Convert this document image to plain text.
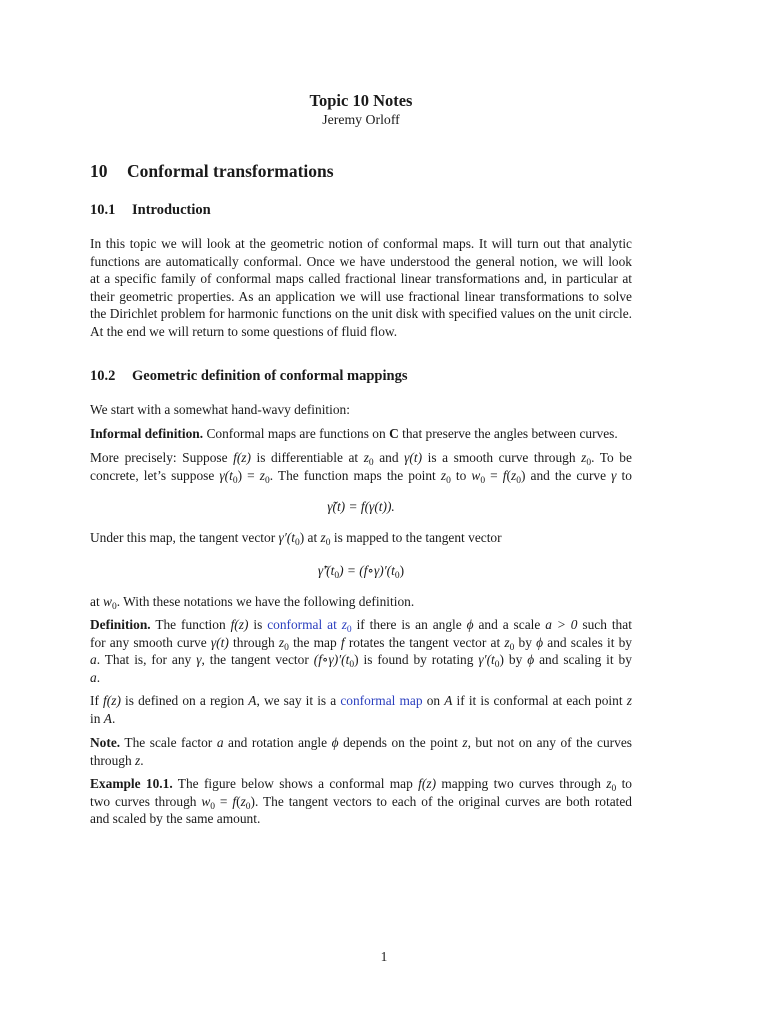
Topic 10 Notes
Jeremy Orloff
10 Conformal transformations
10.1 Introduction
In this topic we will look at the geometric notion of conformal maps. It will turn out that analytic
functions are automatically conformal. Once we have understood the general notion, we will look
at a specific family of conformal maps called fractional linear transformations and, in particular at
their geometric properties. As an application we will use fractional linear transformations to solve
the Dirichlet problem for harmonic functions on the unit disk with specified values on the unit circle.
At the end we will return to some questions of fluid flow.
10.2 Geometric definition of conformal mappings
We start with a somewhat hand-wavy definition:
Informal definition. Conformal maps are functions on C that preserve the angles between curves.
More precisely: Suppose f(z) is differentiable at $z_0$ and γ(t) is a smooth curve through $z_0$. To be
concrete, let’s suppose $\gamma(t_0) = z_0$. The function maps the point $z_0$ to $w_0 = f(z_0)$ and the curve γ to
γ̃(t) = f(γ(t)).
Under this map, the tangent vector $\gamma'(t_0)$ at $z_0$ is mapped to the tangent vector
$\gammã'(t_0)$ = $(f\circ\gamma)'(t_0)$
at $w_0$. With these notations we have the following definition.
Definition. The function f(z) is conformal at $z_0$ if there is an angle ϕ and a scale a > 0 such that
for any smooth curve γ(t) through $z_0$ the map f rotates the tangent vector at $z_0$ by ϕ and scales it by
a. That is, for any γ, the tangent vector $(f\circ\gamma)'(t_0)$ is found by rotating $\gamma'(t_0)$ by ϕ and scaling it by
a.
If f(z) is defined on a region A, we say it is a conformal map on A if it is conformal at each point z
in A.
Note. The scale factor a and rotation angle ϕ depends on the point z, but not on any of the curves
through z.
Example 10.1. The figure below shows a conformal map f(z) mapping two curves through $z_0$ to
two curves through $w_0 = f(z_0)$. The tangent vectors to each of the original curves are both rotated
and scaled by the same amount.
1
